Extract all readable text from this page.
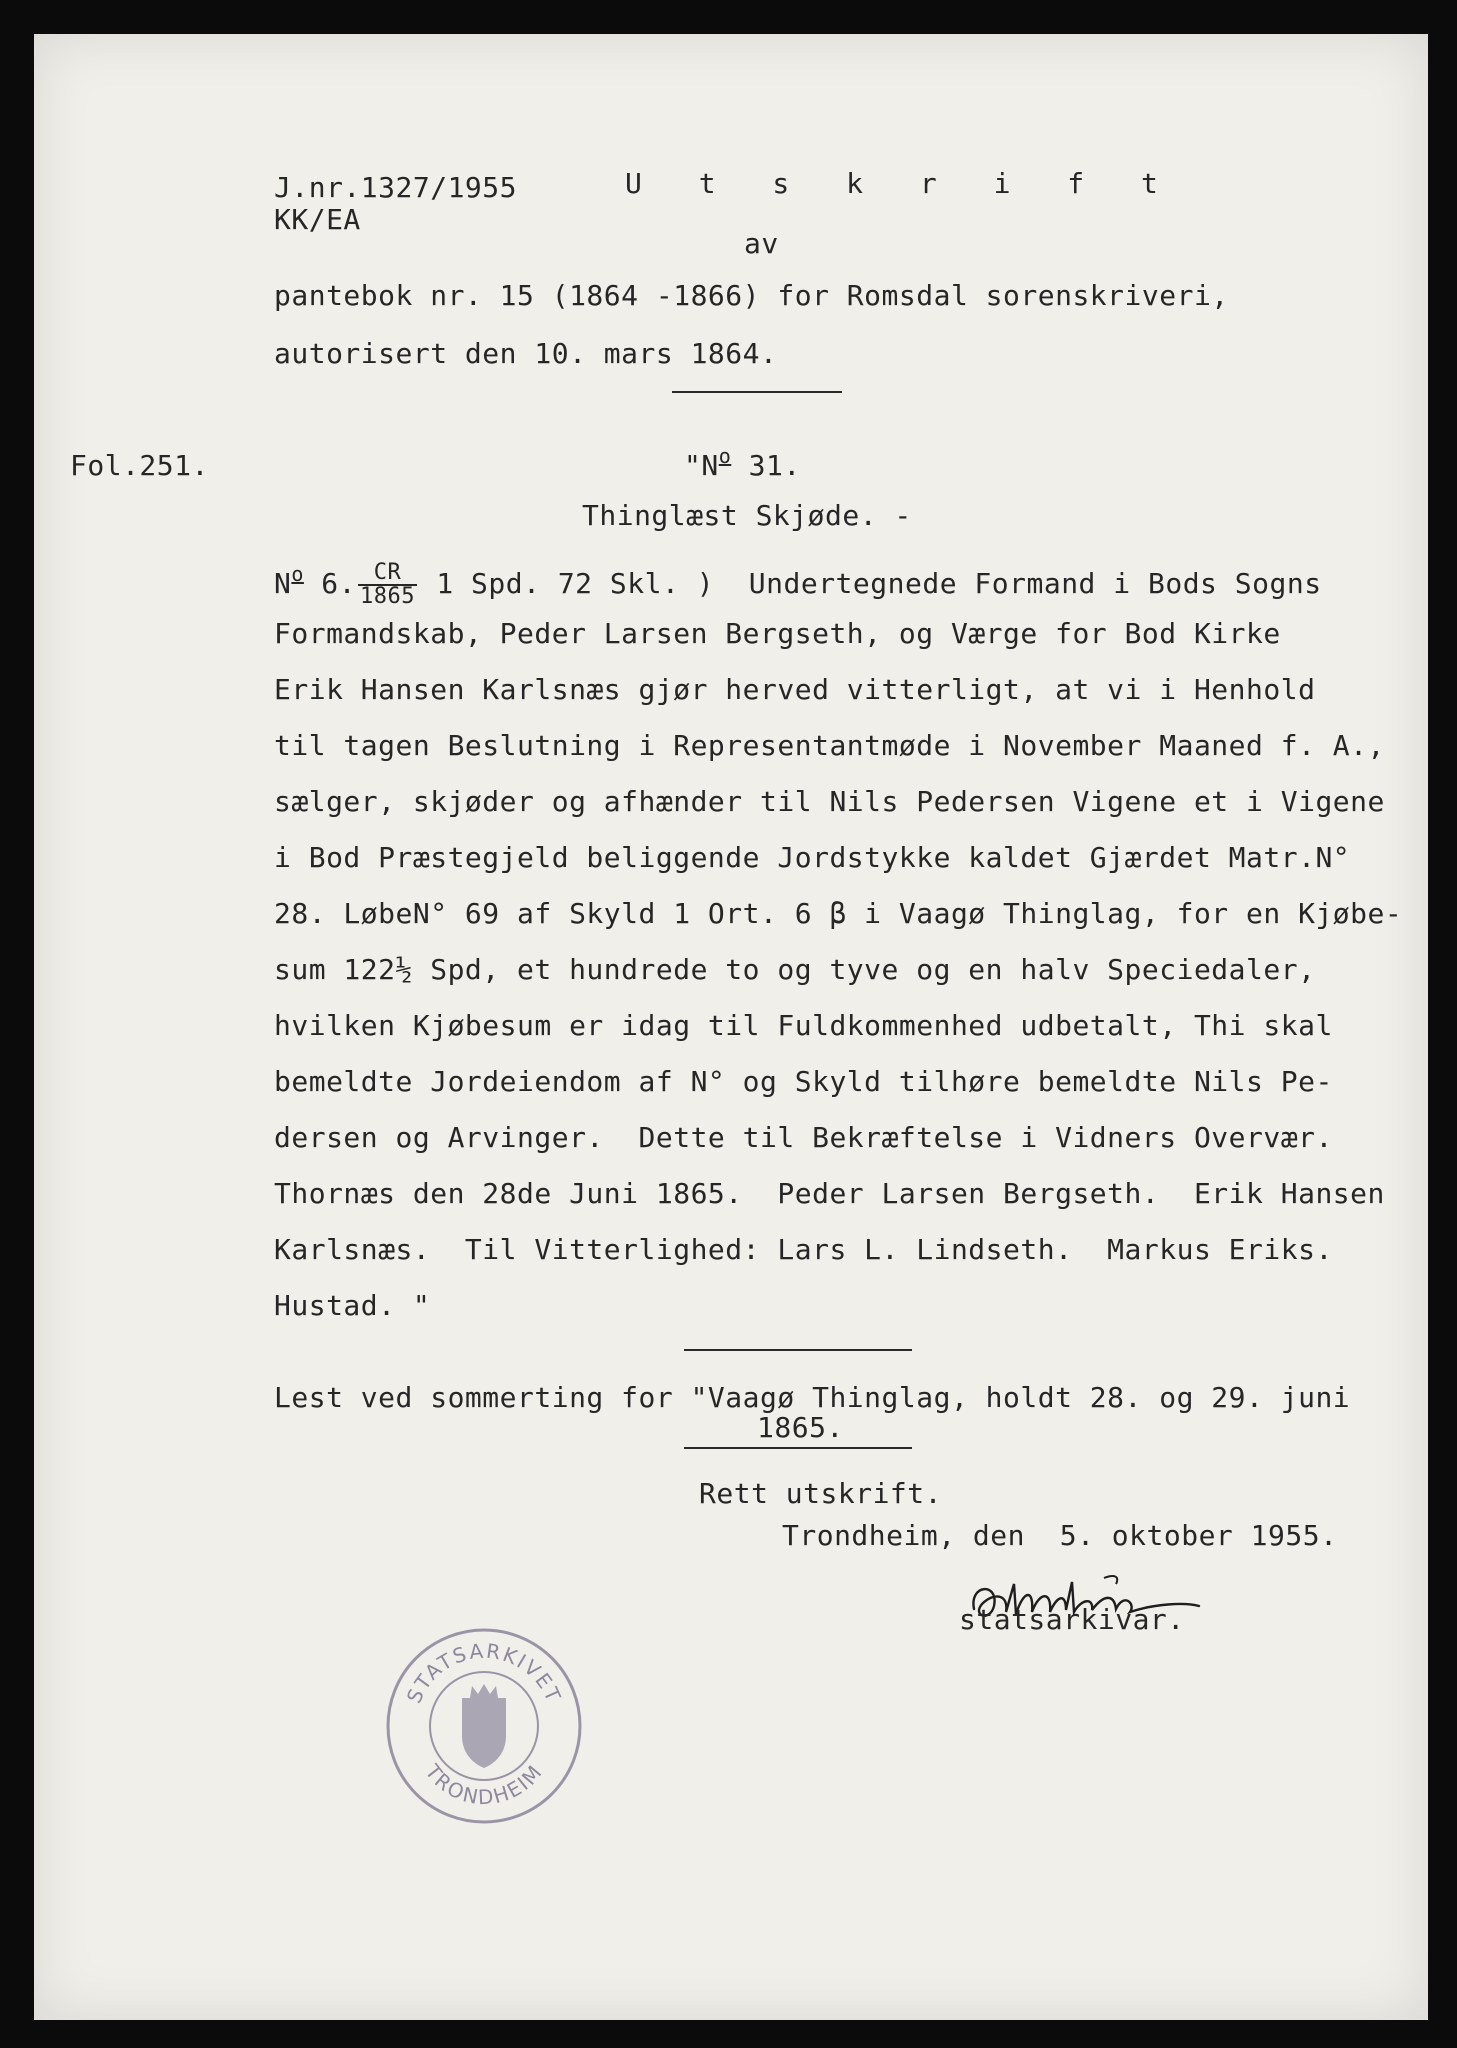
J.nr.1327/1955
KK/EA
U t s k r i f t
av
pantebok nr. 15 (1864 -1866) for Romsdal sorenskriveri,
autorisert den 10. mars 1864.
Fol.251.	"$N^o$ 31.
Thinglæst Skjøde. -
$N^o$ 6. $\frac{CR}{1865} 1$ Spd. 72 Skl. )  Undertegnede Formand i Bods Sogns
Formandskab, Peder Larsen Bergseth, og Værge for Bod Kirke
Erik Hansen Karlsnæs gjør herved vitterligt, at vi i Henhold
til tagen Beslutning i Representantmøde i November Maaned f. A.,
sælger, skjøder og afhænder til Nils Pedersen Vigene et i Vigene
i Bod Præstegjeld beliggende Jordstykke kaldet Gjærdet Matr.N°
28. LøbeN° 69 af Skyld 1 Ort. 6 β i Vaagø Thinglag, for en Kjøbe-
sum 122½ Spd, et hundrede to og tyve og en halv Speciedaler,
hvilken Kjøbesum er idag til Fuldkommenhed udbetalt, Thi skal
bemeldte Jordeiendom af N° og Skyld tilhøre bemeldte Nils Pe-
dersen og Arvinger.  Dette til Bekræftelse i Vidners Overvær.
Thornæs den 28de Juni 1865.  Peder Larsen Bergseth.  Erik Hansen
Karlsnæs.  Til Vitterlighed: Lars L. Lindseth.  Markus Eriks.
Hustad. "
Lest ved sommerting for "Vaagø Thinglag, holdt 28. og 29. juni
1865.
Rett utskrift.
Trondheim, den  5. oktober 1955.
statsarkivar.
STATSARKIVET
TRONDHEIM
